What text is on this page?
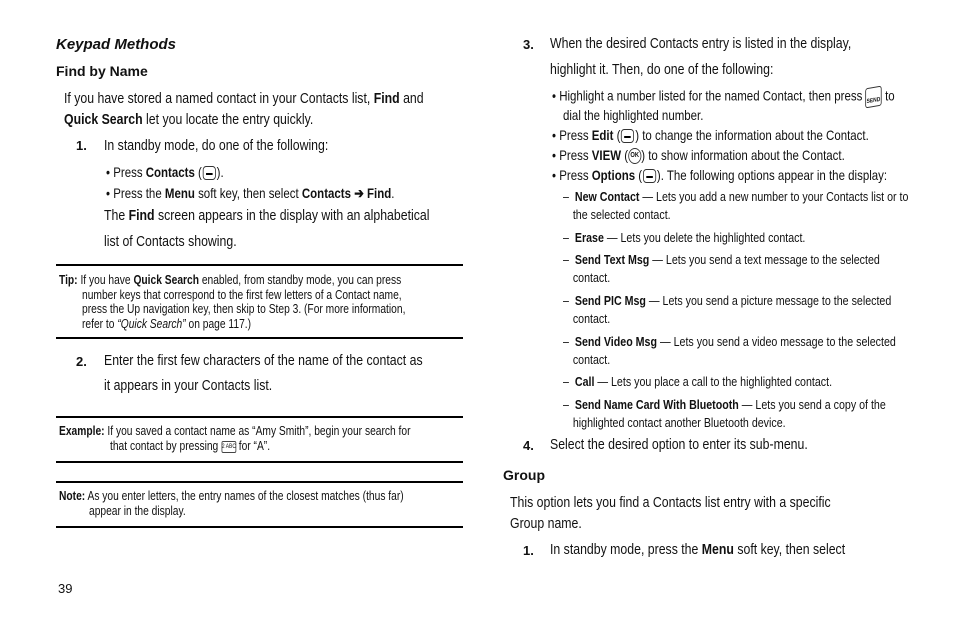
Keypad Methods
Find by Name
If you have stored a named contact in your Contacts list, Find and
Quick Search let you locate the entry quickly.
1. In standby mode, do one of the following:
• Press Contacts ( ).
• Press the Menu soft key, then select Contacts ➔ Find.
The Find screen appears in the display with an alphabetical
list of Contacts showing.
Tip: If you have Quick Search enabled, from standby mode, you can press
number keys that correspond to the first few letters of a Contact name,
press the Up navigation key, then skip to Step 3. (For more information,
refer to “Quick Search” on page 117.)
2. Enter the first few characters of the name of the contact as
it appears in your Contacts list.
Example: If you saved a contact name as “Amy Smith”, begin your search for
that contact by pressing 2 ABC for “A”.
Note: As you enter letters, the entry names of the closest matches (thus far)
appear in the display.
39
3. When the desired Contacts entry is listed in the display,
highlight it. Then, do one of the following:
• Highlight a number listed for the named Contact, then press SEND to
dial the highlighted number.
• Press Edit ( ) to change the information about the Contact.
• Press VIEW ( OK ) to show information about the Contact.
• Press Options ( ). The following options appear in the display:
– New Contact — Lets you add a new number to your Contacts list or to
the selected contact.
– Erase — Lets you delete the highlighted contact.
– Send Text Msg — Lets you send a text message to the selected
contact.
– Send PIC Msg — Lets you send a picture message to the selected
contact.
– Send Video Msg — Lets you send a video message to the selected
contact.
– Call — Lets you place a call to the highlighted contact.
– Send Name Card With Bluetooth — Lets you send a copy of the
highlighted contact another Bluetooth device.
4. Select the desired option to enter its sub-menu.
Group
This option lets you find a Contacts list entry with a specific
Group name.
1. In standby mode, press the Menu soft key, then select
